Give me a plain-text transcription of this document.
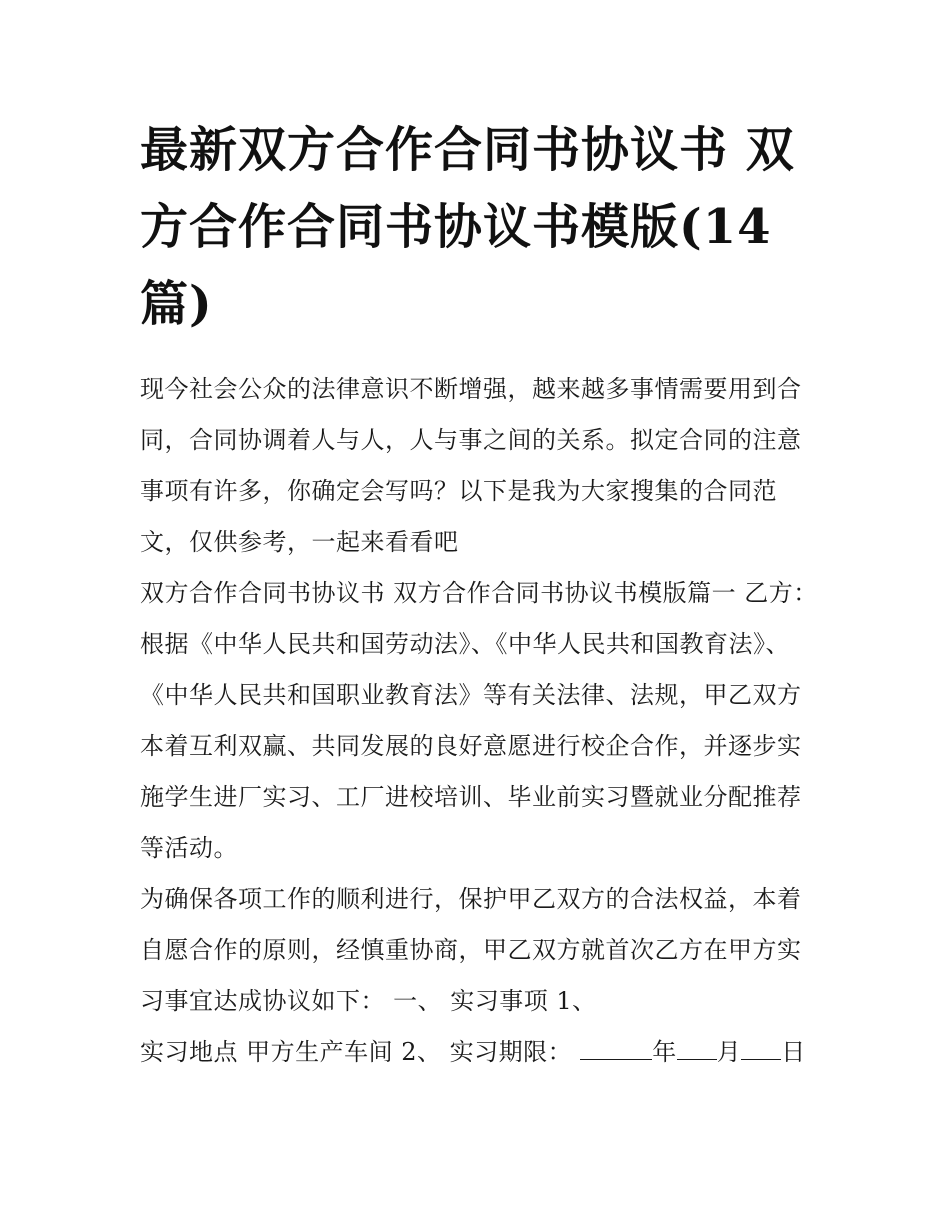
最新双方合作合同书协议书 双方合作合同书协议书模版(14篇)

现今社会公众的法律意识不断增强，越来越多事情需要用到合同，合同协调着人与人，人与事之间的关系。拟定合同的注意事项有许多，你确定会写吗？以下是我为大家搜集的合同范文，仅供参考，一起来看看吧

双方合作合同书协议书 双方合作合同书协议书模版篇一 乙方：

根据《中华人民共和国劳动法》、《中华人民共和国教育法》、《中华人民共和国职业教育法》等有关法律、法规，甲乙双方本着互利双赢、共同发展的良好意愿进行校企合作，并逐步实施学生进厂实习、工厂进校培训、毕业前实习暨就业分配推荐等活动。

为确保各项工作的顺利进行，保护甲乙双方的合法权益，本着自愿合作的原则，经慎重协商，甲乙双方就首次乙方在甲方实习事宜达成协议如下： 一、 实习事项 1、

实习地点 甲方生产车间 2、 实习期限：	年 月 日
